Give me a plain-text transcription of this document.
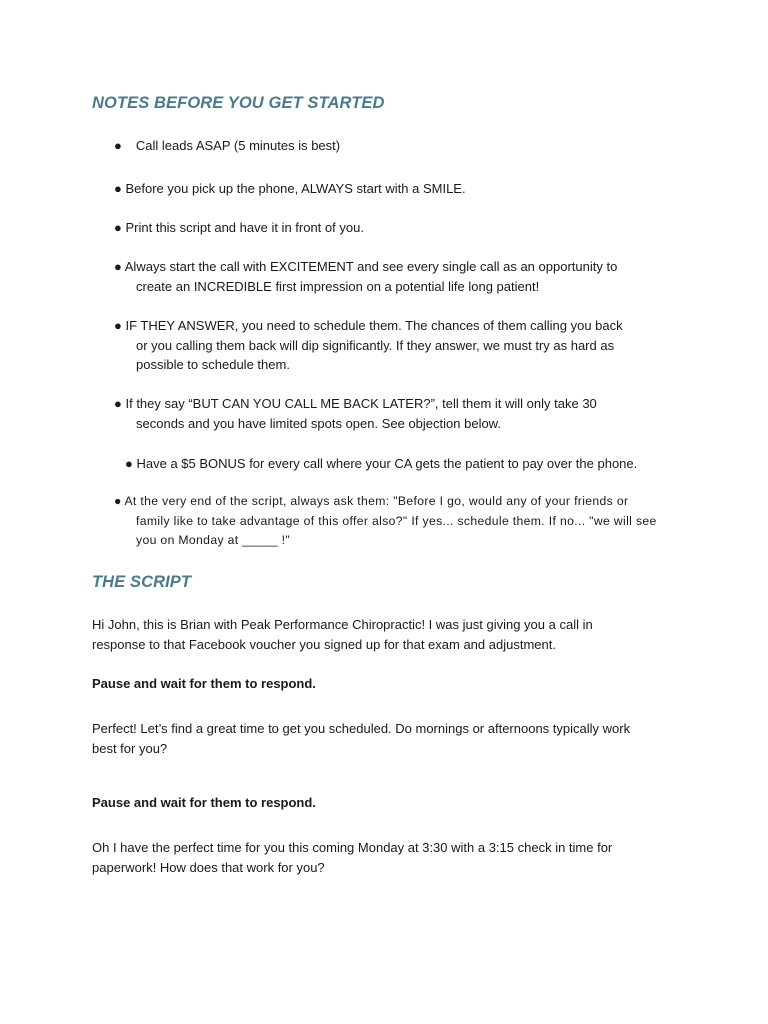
NOTES BEFORE YOU GET STARTED
● Call leads ASAP (5 minutes is best)
● Before you pick up the phone, ALWAYS start with a SMILE.
● Print this script and have it in front of you.
● Always start the call with EXCITEMENT and see every single call as an opportunity to
create an INCREDIBLE first impression on a potential life long patient!
● IF THEY ANSWER, you need to schedule them. The chances of them calling you back
or you calling them back will dip significantly. If they answer, we must try as hard as
possible to schedule them.
● If they say “BUT CAN YOU CALL ME BACK LATER?”, tell them it will only take 30
seconds and you have limited spots open. See objection below.
● Have a $5 BONUS for every call where your CA gets the patient to pay over the phone.
● At the very end of the script, always ask them: "Before I go, would any of your friends or
family like to take advantage of this offer also?" If yes... schedule them. If no... "we will see
you on Monday at _____ !"
THE SCRIPT
Hi John, this is Brian with Peak Performance Chiropractic! I was just giving you a call in
response to that Facebook voucher you signed up for that exam and adjustment.
Pause and wait for them to respond.
Perfect! Let’s find a great time to get you scheduled. Do mornings or afternoons typically work
best for you?
Pause and wait for them to respond.
Oh I have the perfect time for you this coming Monday at 3:30 with a 3:15 check in time for
paperwork! How does that work for you?
